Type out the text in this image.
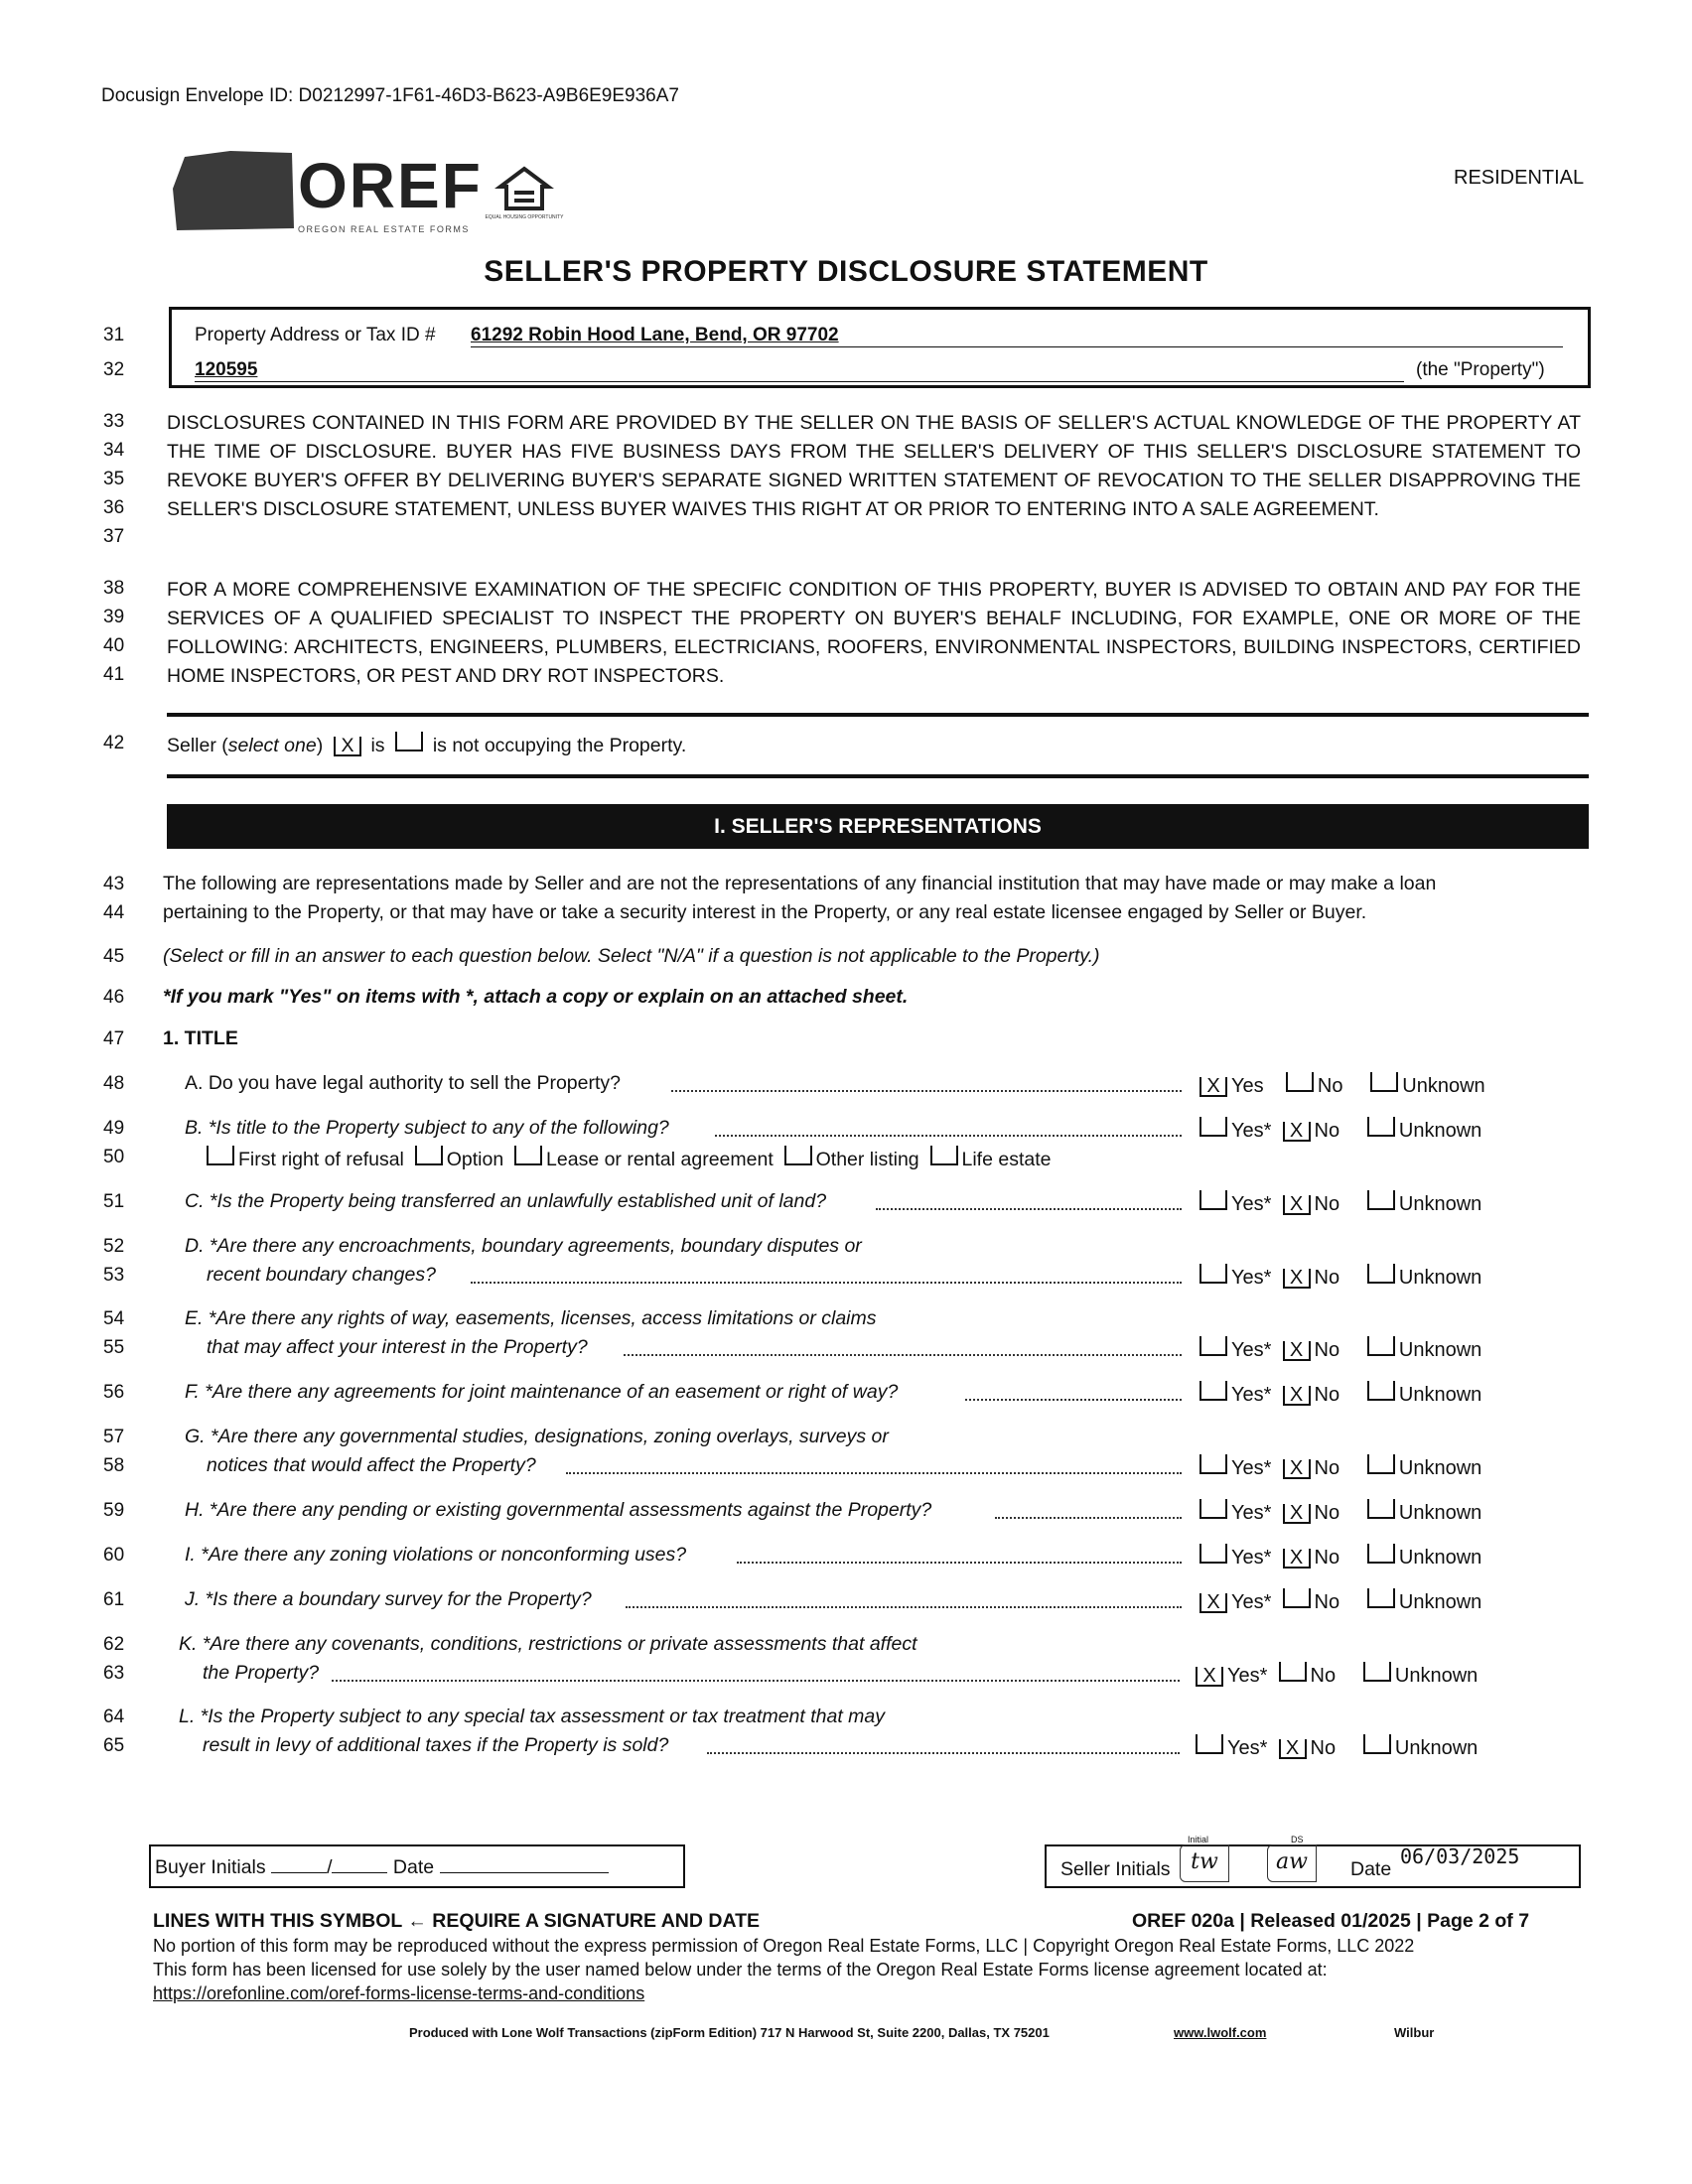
Docusign Envelope ID: D0212997-1F61-46D3-B623-A9B6E9E936A7
OREF
OREGON REAL ESTATE FORMS
EQUAL HOUSING OPPORTUNITY
RESIDENTIAL
SELLER'S PROPERTY DISCLOSURE STATEMENT
31
32
Property Address or Tax ID # 61292 Robin Hood Lane, Bend, OR 97702
120595	(the "Property")
33
34
35
36
37
DISCLOSURES CONTAINED IN THIS FORM ARE PROVIDED BY THE SELLER ON THE BASIS OF SELLER'S ACTUAL KNOWLEDGE OF THE PROPERTY AT THE TIME OF DISCLOSURE. BUYER HAS FIVE BUSINESS DAYS FROM THE SELLER'S DELIVERY OF THIS SELLER'S DISCLOSURE STATEMENT TO REVOKE BUYER'S OFFER BY DELIVERING BUYER'S SEPARATE SIGNED WRITTEN STATEMENT OF REVOCATION TO THE SELLER DISAPPROVING THE SELLER'S DISCLOSURE STATEMENT, UNLESS BUYER WAIVES THIS RIGHT AT OR PRIOR TO ENTERING INTO A SALE AGREEMENT.
38
39
40
41
FOR A MORE COMPREHENSIVE EXAMINATION OF THE SPECIFIC CONDITION OF THIS PROPERTY, BUYER IS ADVISED TO OBTAIN AND PAY FOR THE SERVICES OF A QUALIFIED SPECIALIST TO INSPECT THE PROPERTY ON BUYER'S BEHALF INCLUDING, FOR EXAMPLE, ONE OR MORE OF THE FOLLOWING: ARCHITECTS, ENGINEERS, PLUMBERS, ELECTRICIANS, ROOFERS, ENVIRONMENTAL INSPECTORS, BUILDING INSPECTORS, CERTIFIED HOME INSPECTORS, OR PEST AND DRY ROT INSPECTORS.
42 Seller (select one) X is is not occupying the Property.
I. SELLER'S REPRESENTATIONS
43
44
The following are representations made by Seller and are not the representations of any financial institution that may have made or may make a loan
pertaining to the Property, or that may have or take a security interest in the Property, or any real estate licensee engaged by Seller or Buyer.
45 (Select or fill in an answer to each question below. Select "N/A" if a question is not applicable to the Property.)
46 *If you mark "Yes" on items with *, attach a copy or explain on an attached sheet.
47 1. TITLE
48	A. Do you have legal authority to sell the Property?	X Yes	No	Unknown
49	B. *Is title to the Property subject to any of the following?	Yes* X No	Unknown
50	First right of refusal Option Lease or rental agreement Other listing Life estate
51	C. *Is the Property being transferred an unlawfully established unit of land?	Yes* X No	Unknown
52	D. *Are there any encroachments, boundary agreements, boundary disputes or
53	recent boundary changes?	Yes* X No	Unknown
54	E. *Are there any rights of way, easements, licenses, access limitations or claims
55	that may affect your interest in the Property?	Yes* X No	Unknown
56	F. *Are there any agreements for joint maintenance of an easement or right of way?	Yes* X No	Unknown
57	G. *Are there any governmental studies, designations, zoning overlays, surveys or
58	notices that would affect the Property?	Yes* X No	Unknown
59	H. *Are there any pending or existing governmental assessments against the Property?	Yes* X No	Unknown
60	I. *Are there any zoning violations or nonconforming uses?	Yes* X No	Unknown
61	J. *Is there a boundary survey for the Property?	X Yes* No	Unknown
62	K. *Are there any covenants, conditions, restrictions or private assessments that affect
63	the Property?	X Yes* No	Unknown
64	L. *Is the Property subject to any special tax assessment or tax treatment that may
65	result in levy of additional taxes if the Property is sold?	Yes* X No	Unknown
Buyer Initials	/	Date	Seller Initials
Initial	DS
tw	aw	Date
06/03/2025
LINES WITH THIS SYMBOL ← REQUIRE A SIGNATURE AND DATE	OREF 020a | Released 01/2025 | Page 2 of 7
No portion of this form may be reproduced without the express permission of Oregon Real Estate Forms, LLC | Copyright Oregon Real Estate Forms, LLC 2022
This form has been licensed for use solely by the user named below under the terms of the Oregon Real Estate Forms license agreement located at:
https://orefonline.com/oref-forms-license-terms-and-conditions
Produced with Lone Wolf Transactions (zipForm Edition) 717 N Harwood St, Suite 2200, Dallas, TX 75201	www.lwolf.com	Wilbur
